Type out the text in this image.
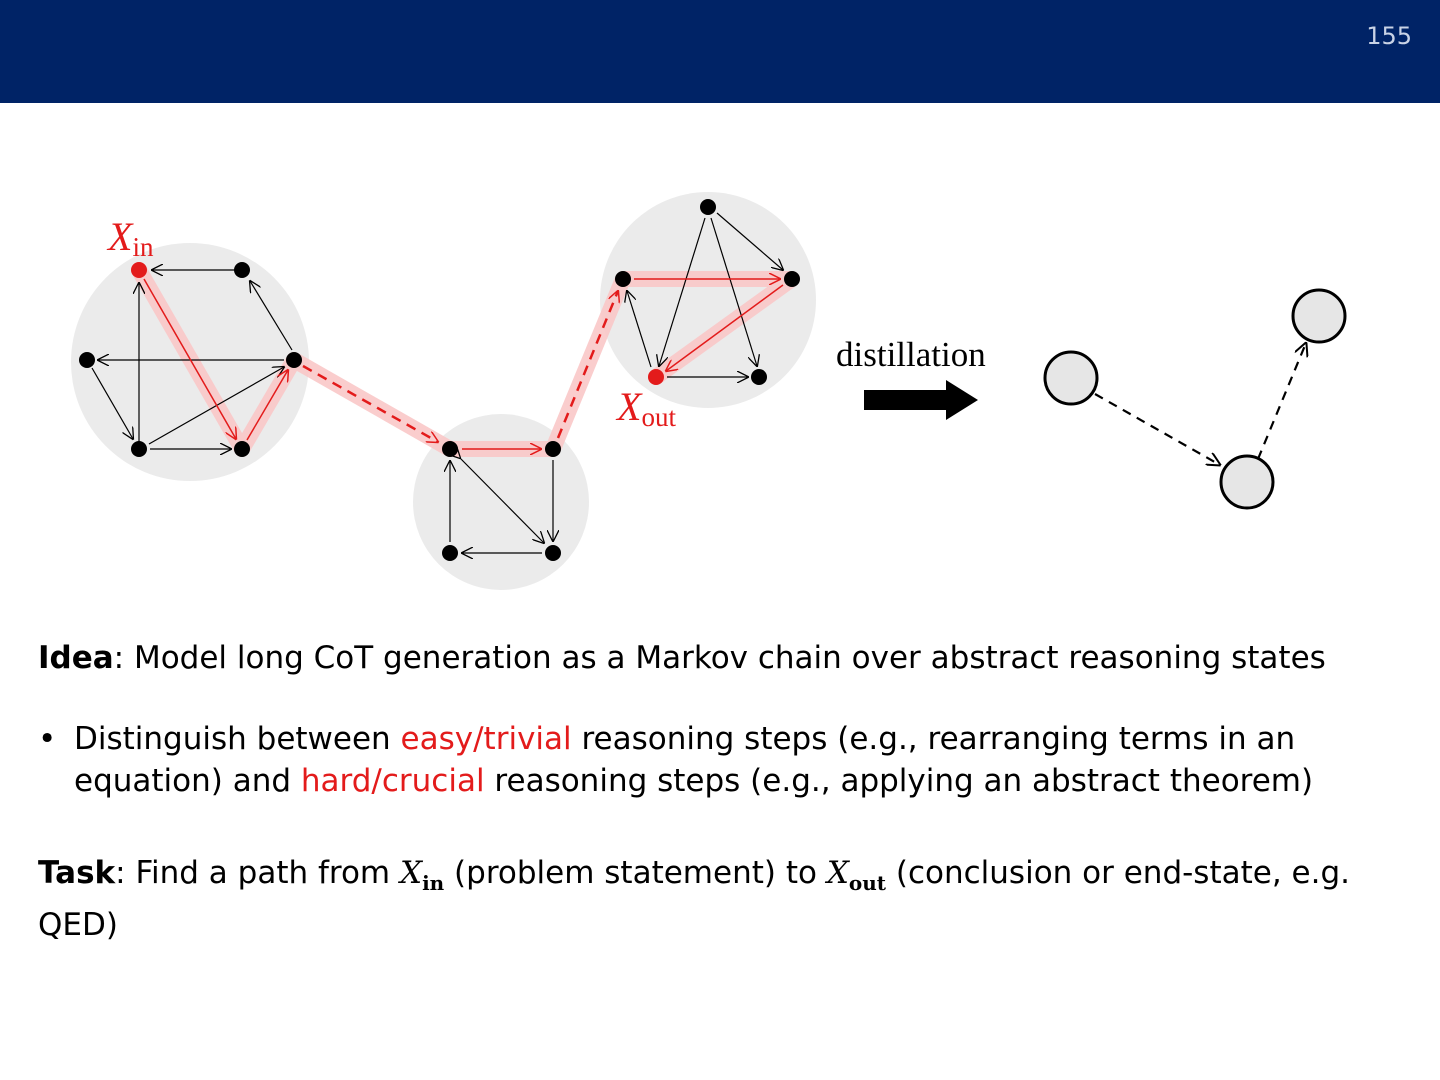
155
Xin
Xout
distillation
Idea: Model long CoT generation as a Markov chain over abstract reasoning states
• Distinguish between easy/trivial reasoning steps (e.g., rearranging terms in an equation) and hard/crucial reasoning steps (e.g., applying an abstract theorem)
Task: Find a path from $X_{in}$ (problem statement) to $X_{out}$ (conclusion or end-state, e.g. QED)
